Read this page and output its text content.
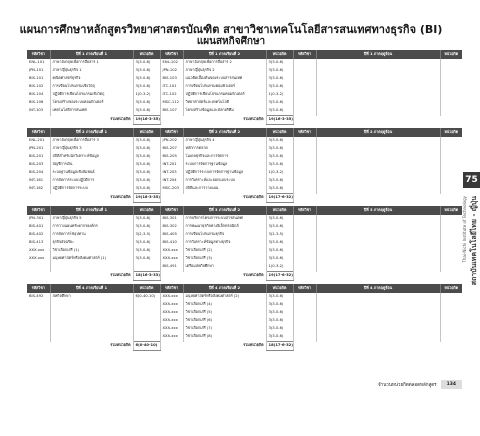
แผนการศึกษาหลักสูตรวิทยาศาสตรบัณฑิต สาขาวิชาเทคโนโลยีสารสนเทศทางธุรกิจ (BI)
แผนสหกิจศึกษา
รหัสวิชา	ปีที่ 1 ภาคเรียนที่ 1	หน่วยกิต	รหัสวิชา	ปีที่ 1 ภาคเรียนที่ 2	หน่วยกิต	รหัสวิชา	ปีที่ 1 ภาคฤดูร้อน	หน่วยกิต
ENL-101	ภาษาอังกฤษเพื่อการสื่อสาร 1	3(3-0-6)	ENL-102	ภาษาอังกฤษเพื่อการสื่อสาร 2	3(3-0-6)			
JPN-101	ภาษาญี่ปุ่นธุรกิจ 1	3(3-0-6)	JPN-102	ภาษาญี่ปุ่นธุรกิจ 2	3(3-0-6)			
BIS-101	คณิตศาสตร์ธุรกิจ	3(3-0-6)	BIS-103	แนวคิดเบื้องต้นของระบบสารสนเทศ	3(3-0-6)			
BIS-102	การเขียนโปรแกรมเชิงวัตถุ	3(3-0-6)	ITC-101	การเขียนโปรแกรมคอมพิวเตอร์	3(3-0-6)			
BIS-104	ปฏิบัติการเขียนโปรแกรมเชิงวัตถุ	1(0-3-2)	ITC-102	ปฏิบัติการเขียนโปรแกรมคอมพิวเตอร์	1(0-3-2)			
BIS-106	โครงสร้างของระบบคอมพิวเตอร์	3(3-0-6)	MSC-112	วิทยาศาสตร์และเทคโนโลยี	3(3-0-6)			
INT-103	เทคโนโลยีสารสนเทศ	3(3-0-6)	BIS-107	โครงสร้างข้อมูลและอัลกอริทึม	3(3-0-6)			
รวมหน่วยกิต		19(16-3-35)	รวมหน่วยกิต		19(16-3-35)			

รหัสวิชา	ปีที่ 2 ภาคเรียนที่ 1	หน่วยกิต	รหัสวิชา	ปีที่ 2 ภาคเรียนที่ 2	หน่วยกิต	รหัสวิชา	ปีที่ 2 ภาคฤดูร้อน	หน่วยกิต
ENL-201	ภาษาอังกฤษเพื่อการสื่อสาร 3	3(3-0-6)	JPN-202	ภาษาญี่ปุ่นธุรกิจ 4	3(3-0-6)			
JPN-201	ภาษาญี่ปุ่นธุรกิจ 3	3(3-0-6)	BIS-207	หลักการตลาด	3(3-0-6)			
BIS-201	สถิติสำหรับนักวิเคราะห์ข้อมูล	3(3-0-6)	BIS-205	โมเดลธุรกิจและการจัดการ	3(3-0-6)			
BIS-203	บัญชีการเงิน	3(3-0-6)	INT-201	ระบบการจัดการฐานข้อมูล	3(3-0-6)			
BIS-204	ระบบฐานข้อมูลเชิงสัมพันธ์	3(3-0-6)	INT-203	ปฏิบัติการระบบการจัดการฐานข้อมูล	1(0-3-2)			
INT-161	การจัดการระบบปฏิบัติการ	3(3-0-6)	INT-204	การวิเคราะห์และออกแบบระบบ	3(3-0-6)			
INT-162	ปฏิบัติการจัดการระบบ	3(3-0-6)	MSC-203	สถิติและการวางแผน	3(3-0-6)			
รวมหน่วยกิต		19(18-3-35)	รวมหน่วยกิต		19(17-6-32)			

รหัสวิชา	ปีที่ 3 ภาคเรียนที่ 1	หน่วยกิต	รหัสวิชา	ปีที่ 3 ภาคเรียนที่ 2	หน่วยกิต	รหัสวิชา	ปีที่ 3 ภาคฤดูร้อน	หน่วยกิต
JPN-301	ภาษาญี่ปุ่นธุรกิจ 5	3(3-0-6)	BIS-301	การบริหารโครงการระบบสารสนเทศ	3(3-0-6)			
BIS-401	การวางแผนทรัพยากรองค์กร	3(3-0-6)	BIS-302	การพัฒนาธุรกิจทางอิเล็กทรอนิกส์	3(3-0-6)			
BIS-402	การจัดการโซ่อุปทาน	3(2-3-5)	BIS-405	การเขียนโปรแกรมธุรกิจ	3(2-3-5)			
BIS-413	ธุรกิจอัจฉริยะ	3(3-0-6)	BIS-410	การวิเคราะห์ข้อมูลทางธุรกิจ	3(3-0-6)			
XXX-xxx	วิชาเลือกเสรี (1)	3(3-0-6)	XXX-xxx	วิชาเลือกเสรี (2)	3(3-0-6)			
XXX-xxx	มนุษยศาสตร์หรือสังคมศาสตร์ (1)	3(3-0-6)	XXX-xxx	วิชาเลือกเสรี (3)	3(3-0-6)			
			BIS-491	เตรียมสหกิจศึกษา	1(0-3-2)			
รวมหน่วยกิต		18(16-3-33)	รวมหน่วยกิต		19(17-6-32)			

รหัสวิชา	ปีที่ 4 ภาคเรียนที่ 1	หน่วยกิต	รหัสวิชา	ปีที่ 4 ภาคเรียนที่ 2	หน่วยกิต	รหัสวิชา	ปีที่ 4 ภาคฤดูร้อน	หน่วยกิต
BIS-492	สหกิจศึกษา	6(0-40-10)	XXX-xxx	มนุษยศาสตร์หรือสังคมศาสตร์ (2)	3(3-0-6)			
			XXX-xxx	วิชาเลือกเสรี (4)	3(3-0-6)			
			XXX-xxx	วิชาเลือกเสรี (5)	3(3-0-6)			
			XXX-xxx	วิชาเลือกเสรี (6)	3(3-0-6)			
			XXX-xxx	วิชาเลือกเสรี (7)	3(3-0-6)			
			XXX-xxx	วิชาเลือกเสรี (8)	3(3-0-6)			
รวมหน่วยกิต		6(0-40-10)	รวมหน่วยกิต		18(17-6-32)			
จำนวนหน่วยกิตตลอดหลักสูตร	134
75
สถาบันเทคโนโลยีไทย - ญี่ปุ่น
Thai-Nichi Institute of Technology
